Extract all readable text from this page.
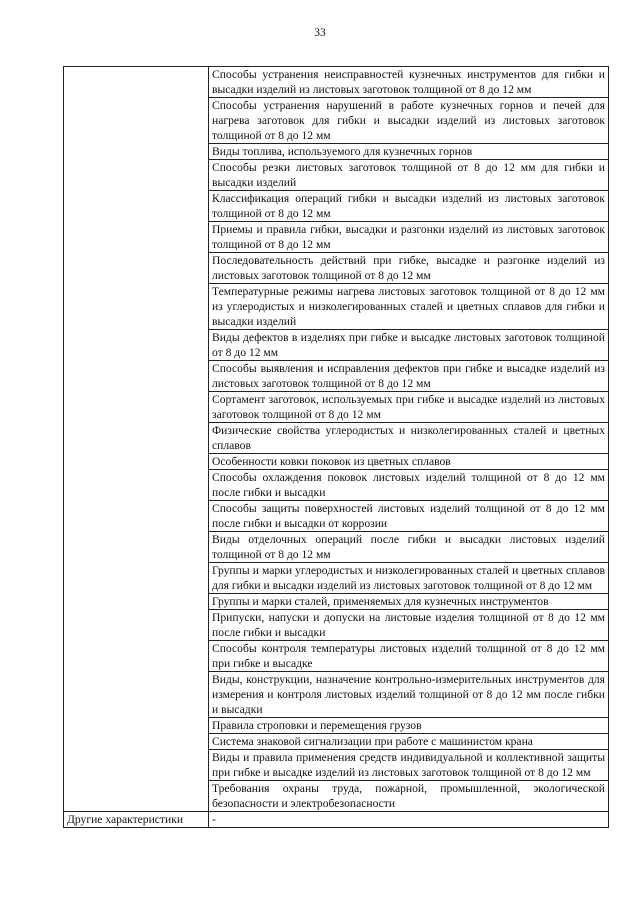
33
	Способы устранения неисправностей кузнечных инструментов для гибки и высадки изделий из листовых заготовок толщиной от 8 до 12 мм
	Способы устранения нарушений в работе кузнечных горнов и печей для нагрева заготовок для гибки и высадки изделий из листовых заготовок толщиной от 8 до 12 мм
	Виды топлива, используемого для кузнечных горнов
	Способы резки листовых заготовок толщиной от 8 до 12 мм для гибки и высадки изделий
	Классификация операций гибки и высадки изделий из листовых заготовок толщиной от 8 до 12 мм
	Приемы и правила гибки, высадки и разгонки изделий из листовых заготовок толщиной от 8 до 12 мм
	Последовательность действий при гибке, высадке и разгонке изделий из листовых заготовок толщиной от 8 до 12 мм
	Температурные режимы нагрева листовых заготовок толщиной от 8 до 12 мм из углеродистых и низколегированных сталей и цветных сплавов для гибки и высадки изделий
	Виды дефектов в изделиях при гибке и высадке листовых заготовок толщиной от 8 до 12 мм
	Способы выявления и исправления дефектов при гибке и высадке изделий из листовых заготовок толщиной от 8 до 12 мм
	Сортамент заготовок, используемых при гибке и высадке изделий из листовых заготовок толщиной от 8 до 12 мм
	Физические свойства углеродистых и низколегированных сталей и цветных сплавов
	Особенности ковки поковок из цветных сплавов
	Способы охлаждения поковок листовых изделий толщиной от 8 до 12 мм после гибки и высадки
	Способы защиты поверхностей листовых изделий толщиной от 8 до 12 мм после гибки и высадки от коррозии
	Виды отделочных операций после гибки и высадки листовых изделий толщиной от 8 до 12 мм
	Группы и марки углеродистых и низколегированных сталей и цветных сплавов для гибки и высадки изделий из листовых заготовок толщиной от 8 до 12 мм
	Группы и марки сталей, применяемых для кузнечных инструментов
	Припуски, напуски и допуски на листовые изделия толщиной от 8 до 12 мм после гибки и высадки
	Способы контроля температуры листовых изделий толщиной от 8 до 12 мм при гибке и высадке
	Виды, конструкции, назначение контрольно-измерительных инструментов для измерения и контроля листовых изделий толщиной от 8 до 12 мм после гибки и высадки
	Правила строповки и перемещения грузов
	Система знаковой сигнализации при работе с машинистом крана
	Виды и правила применения средств индивидуальной и коллективной защиты при гибке и высадке изделий из листовых заготовок толщиной от 8 до 12 мм
	Требования охраны труда, пожарной, промышленной, экологической безопасности и электробезопасности
Другие характеристики	-
